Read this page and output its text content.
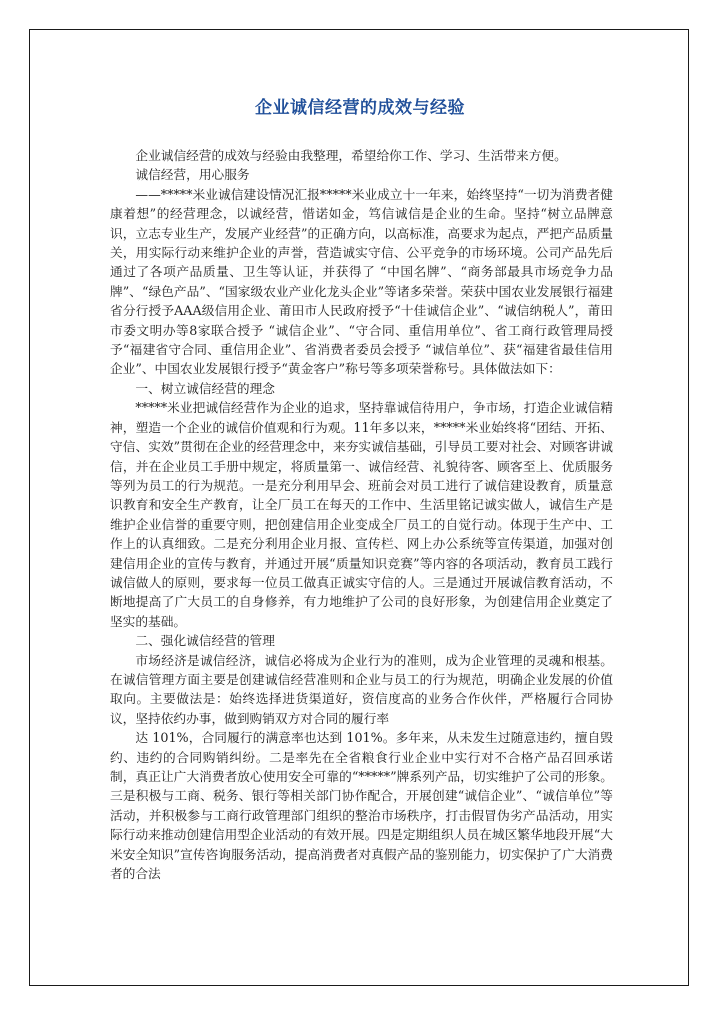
企业诚信经营的成效与经验

企业诚信经营的成效与经验由我整理，希望给你工作、学习、生活带来方便。

诚信经营，用心服务

——*****米业诚信建设情况汇报*****米业成立十一年来，始终坚持“一切为消费者健康着想”的经营理念，以诚经营，惜诺如金，笃信诚信是企业的生命。坚持“树立品牌意识，立志专业生产，发展产业经营”的正确方向，以高标准，高要求为起点，严把产品质量关，用实际行动来维护企业的声誉，营造诚实守信、公平竞争的市场环境。公司产品先后通过了各项产品质量、卫生等认证，并获得了 “中国名牌”、“商务部最具市场竞争力品牌”、“绿色产品”、“国家级农业产业化龙头企业”等诸多荣誉。荣获中国农业发展银行福建省分行授予AAA级信用企业、莆田市人民政府授予“十佳诚信企业”、“诚信纳税人”，莆田市委文明办等8家联合授予 “诚信企业”、“守合同、重信用单位”、省工商行政管理局授予“福建省守合同、重信用企业”、省消费者委员会授予 “诚信单位”、获“福建省最佳信用企业”、中国农业发展银行授予“黄金客户”称号等多项荣誉称号。具体做法如下：

一、树立诚信经营的理念

*****米业把诚信经营作为企业的追求，坚持靠诚信待用户，争市场，打造企业诚信精神，塑造一个企业的诚信价值观和行为观。11年多以来，*****米业始终将“团结、开拓、守信、实效”贯彻在企业的经营理念中，来夯实诚信基础，引导员工要对社会、对顾客讲诚信，并在企业员工手册中规定，将质量第一、诚信经营、礼貌待客、顾客至上、优质服务等列为员工的行为规范。一是充分利用早会、班前会对员工进行了诚信建设教育，质量意识教育和安全生产教育，让全厂员工在每天的工作中、生活里铭记诚实做人，诚信生产是维护企业信誉的重要守则，把创建信用企业变成全厂员工的自觉行动。体现于生产中、工作上的认真细致。二是充分利用企业月报、宣传栏、网上办公系统等宣传渠道，加强对创建信用企业的宣传与教育，并通过开展“质量知识竞赛”等内容的各项活动，教育员工践行诚信做人的原则，要求每一位员工做真正诚实守信的人。三是通过开展诚信教育活动，不断地提高了广大员工的自身修养，有力地维护了公司的良好形象，为创建信用企业奠定了坚实的基础。

二、强化诚信经营的管理

市场经济是诚信经济，诚信必将成为企业行为的准则，成为企业管理的灵魂和根基。在诚信管理方面主要是创建诚信经营准则和企业与员工的行为规范，明确企业发展的价值取向。主要做法是：始终选择进货渠道好，资信度高的业务合作伙伴，严格履行合同协议，坚持依约办事，做到购销双方对合同的履行率

达 101%，合同履行的满意率也达到 101%。多年来，从未发生过随意违约，擅自毁约、违约的合同购销纠纷。二是率先在全省粮食行业企业中实行对不合格产品召回承诺制，真正让广大消费者放心使用安全可靠的“*****”牌系列产品，切实维护了公司的形象。三是积极与工商、税务、银行等相关部门协作配合，开展创建“诚信企业”、“诚信单位”等活动，并积极参与工商行政管理部门组织的整治市场秩序，打击假冒伪劣产品活动，用实际行动来推动创建信用型企业活动的有效开展。四是定期组织人员在城区繁华地段开展“大米安全知识”宣传咨询服务活动，提高消费者对真假产品的鉴别能力，切实保护了广大消费者的合法
